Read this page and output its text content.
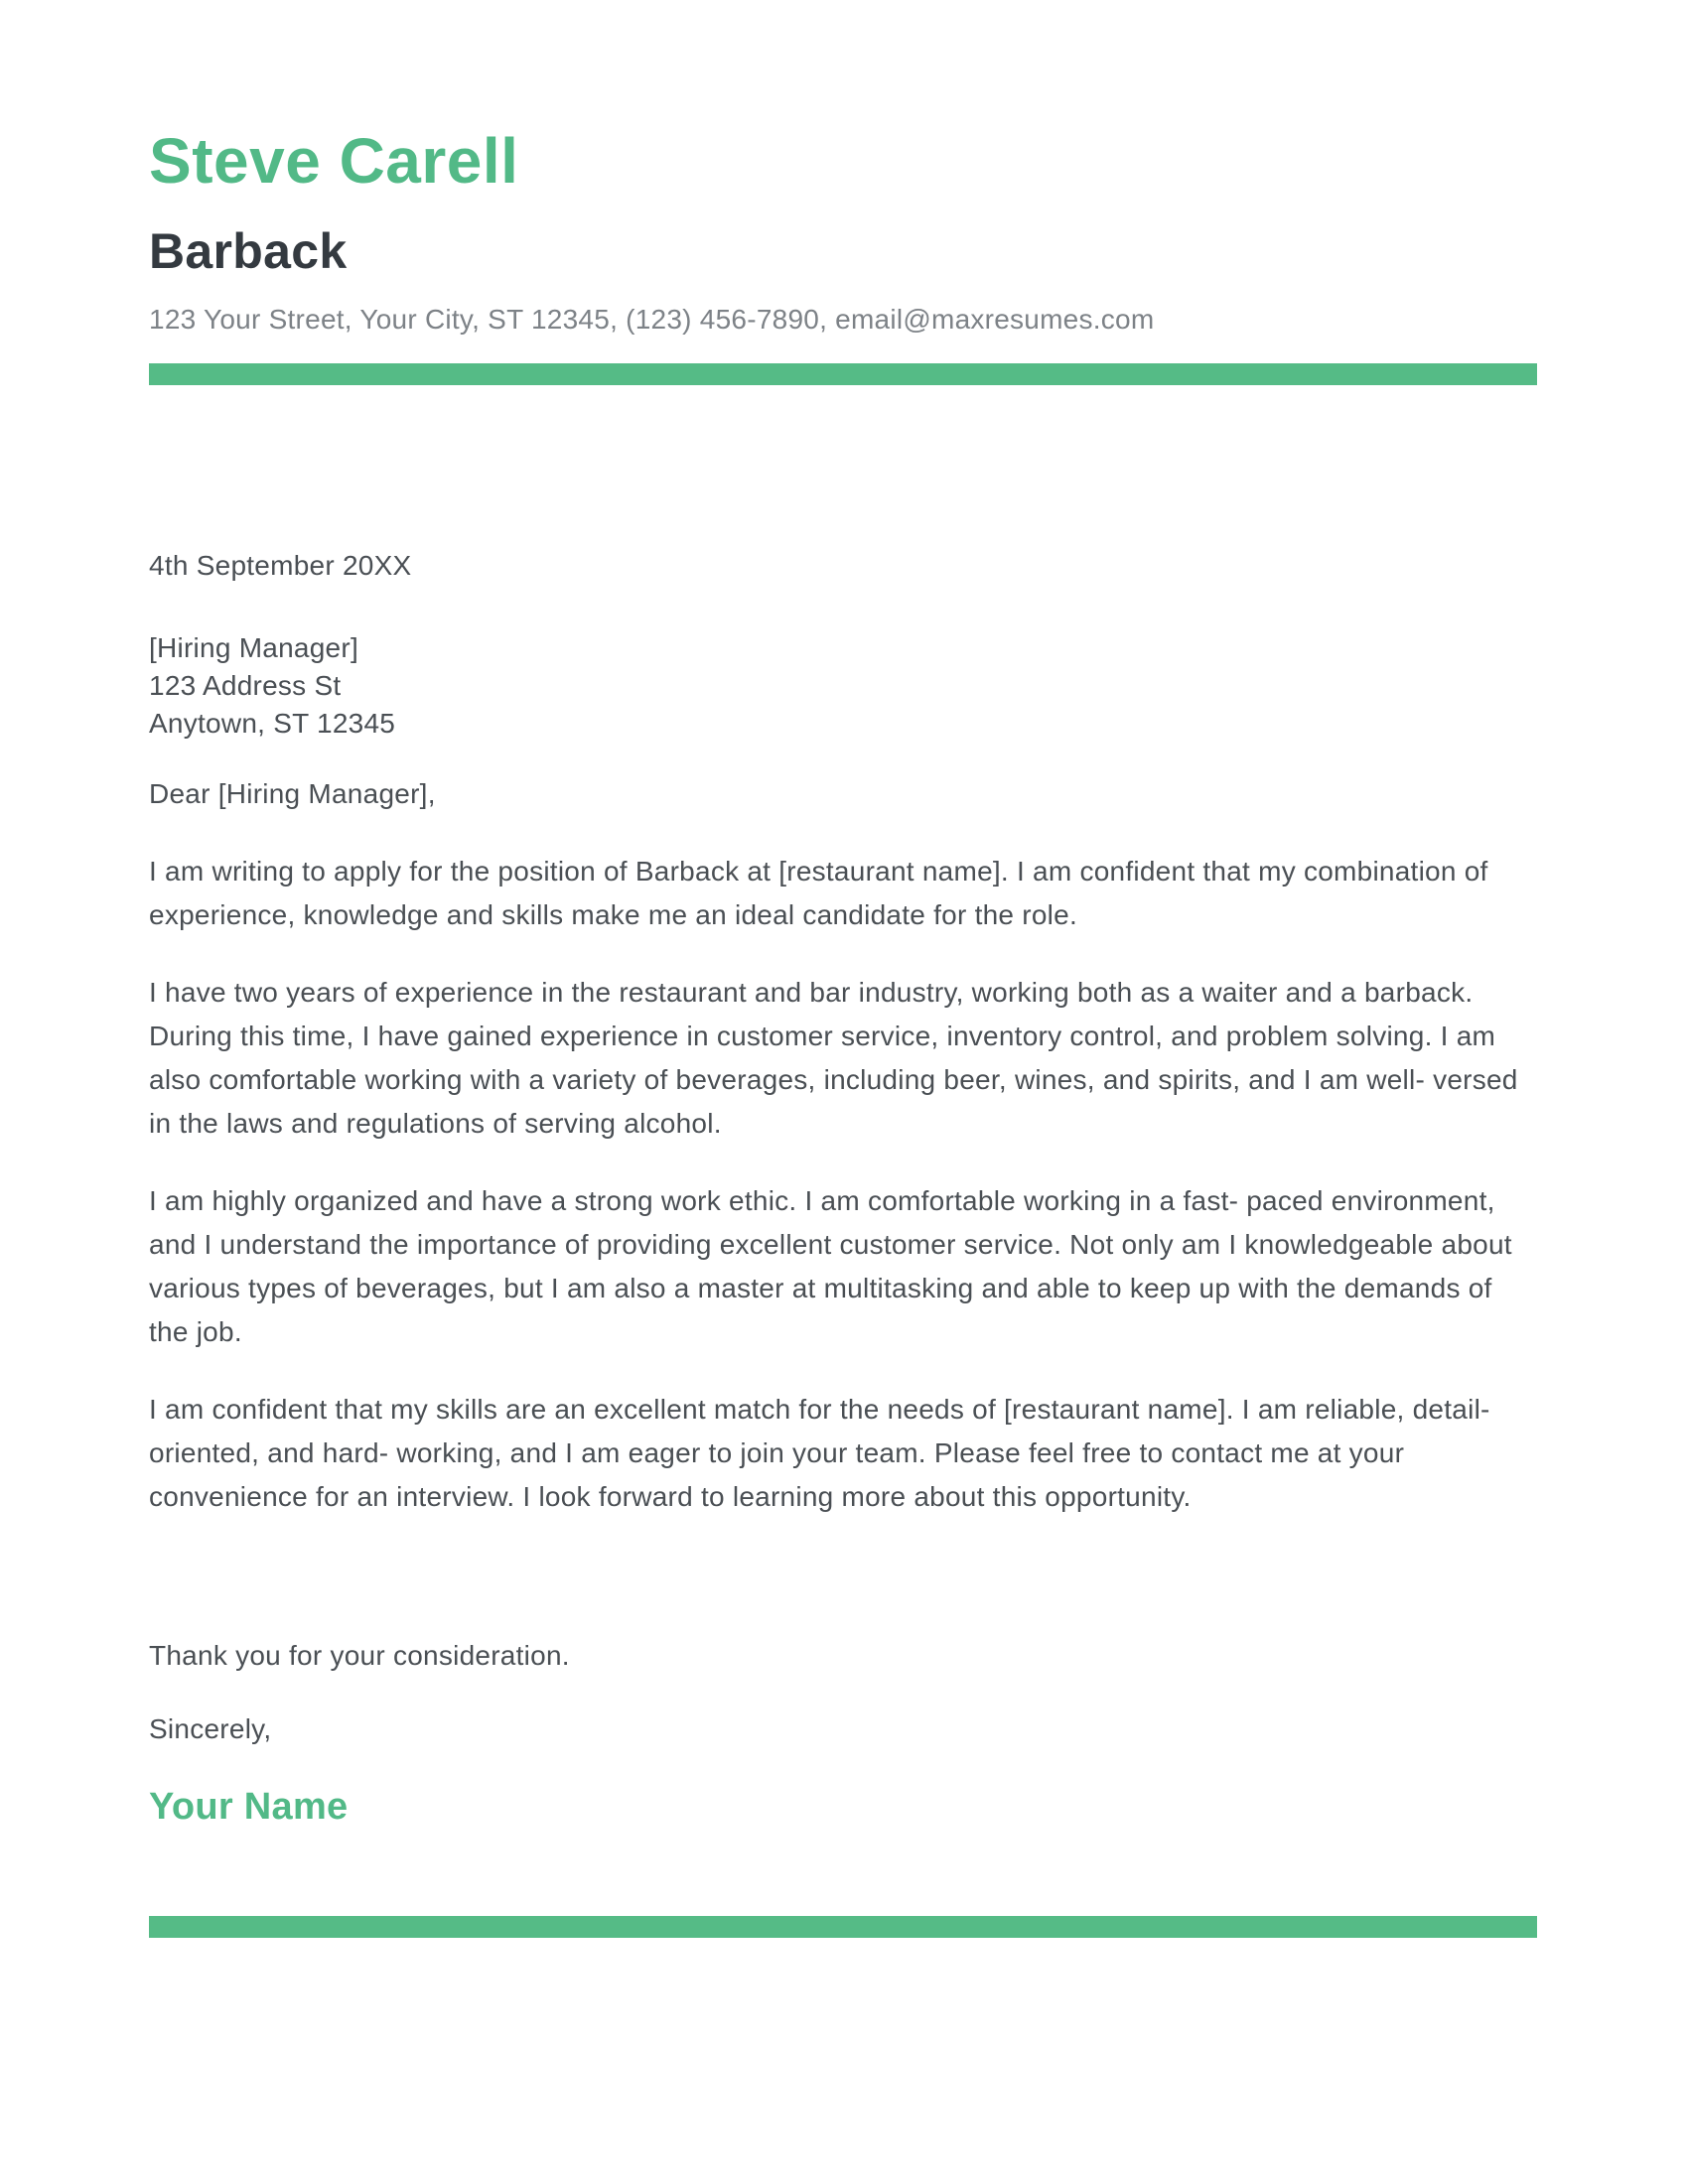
Steve Carell
Barback
123 Your Street, Your City, ST 12345, (123) 456-7890, email@maxresumes.com
4th September 20XX
[Hiring Manager]
123 Address St
Anytown, ST 12345
Dear [Hiring Manager],

I am writing to apply for the position of Barback at [restaurant name]. I am confident that my combination of experience, knowledge and skills make me an ideal candidate for the role.

I have two years of experience in the restaurant and bar industry, working both as a waiter and a barback. During this time, I have gained experience in customer service, inventory control, and problem solving. I am also comfortable working with a variety of beverages, including beer, wines, and spirits, and I am well- versed in the laws and regulations of serving alcohol.

I am highly organized and have a strong work ethic. I am comfortable working in a fast- paced environment, and I understand the importance of providing excellent customer service. Not only am I knowledgeable about various types of beverages, but I am also a master at multitasking and able to keep up with the demands of the job.

I am confident that my skills are an excellent match for the needs of [restaurant name]. I am reliable, detail- oriented, and hard- working, and I am eager to join your team. Please feel free to contact me at your convenience for an interview. I look forward to learning more about this opportunity.

Thank you for your consideration.
Sincerely,
Your Name
